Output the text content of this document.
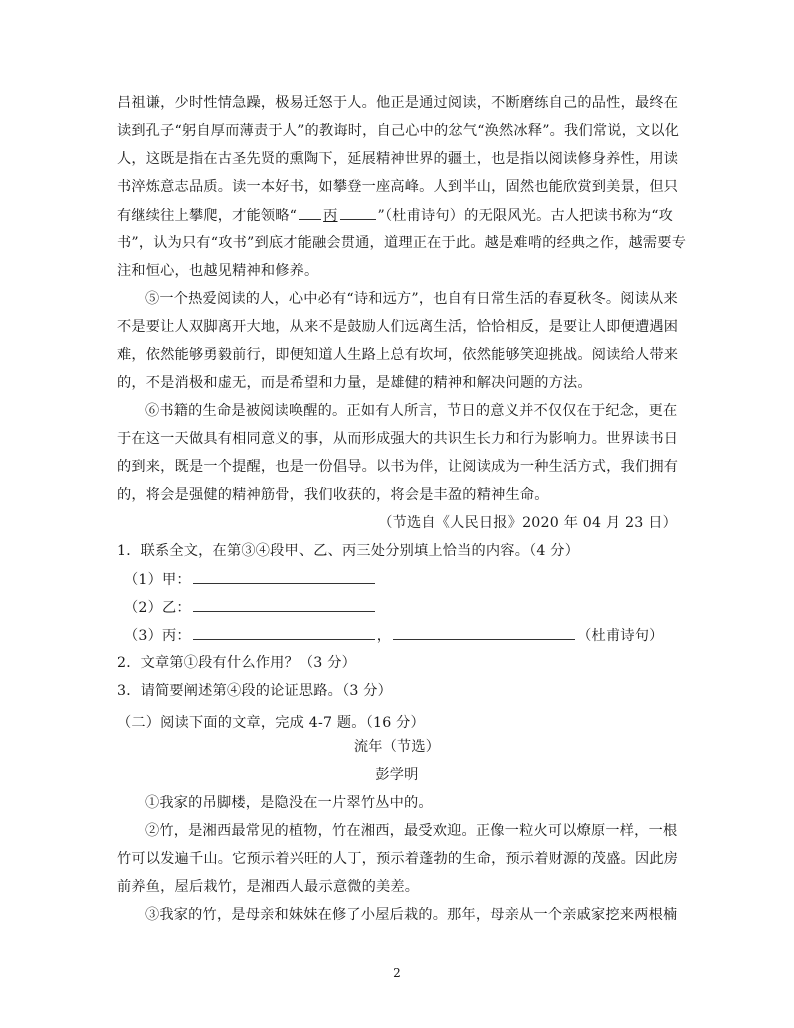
吕祖谦，少时性情急躁，极易迁怒于人。他正是通过阅读，不断磨练自己的品性，最终在
读到孔子“躬自厚而薄责于人”的教诲时，自己心中的忿气“涣然冰释”。我们常说，文以化
人，这既是指在古圣先贤的熏陶下，延展精神世界的疆土，也是指以阅读修身养性，用读
书淬炼意志品质。读一本好书，如攀登一座高峰。人到半山，固然也能欣赏到美景，但只
有继续往上攀爬，才能领略“ 丙	”（杜甫诗句）的无限风光。古人把读书称为“攻
书”，认为只有“攻书”到底才能融会贯通，道理正在于此。越是难啃的经典之作，越需要专
注和恒心，也越见精神和修养。
⑤一个热爱阅读的人，心中必有“诗和远方”，也自有日常生活的春夏秋冬。阅读从来
不是要让人双脚离开大地，从来不是鼓励人们远离生活，恰恰相反，是要让人即便遭遇困
难，依然能够勇毅前行，即便知道人生路上总有坎坷，依然能够笑迎挑战。阅读给人带来
的，不是消极和虚无，而是希望和力量，是雄健的精神和解决问题的方法。
⑥书籍的生命是被阅读唤醒的。正如有人所言，节日的意义并不仅仅在于纪念，更在
于在这一天做具有相同意义的事，从而形成强大的共识生长力和行为影响力。世界读书日
的到来，既是一个提醒，也是一份倡导。以书为伴，让阅读成为一种生活方式，我们拥有
的，将会是强健的精神筋骨，我们收获的，将会是丰盈的精神生命。
（节选自《人民日报》2020 年 04 月 23 日）
1．联系全文，在第③④段甲、乙、丙三处分别填上恰当的内容。（4 分）
（1）甲：
（2）乙：
（3）丙：	，	（杜甫诗句）
2．文章第①段有什么作用？（3 分）
3．请简要阐述第④段的论证思路。（3 分）
（二）阅读下面的文章，完成 4-7 题。（16 分）
流年（节选）
彭学明
①我家的吊脚楼，是隐没在一片翠竹丛中的。
②竹，是湘西最常见的植物，竹在湘西，最受欢迎。正像一粒火可以燎原一样，一根
竹可以发遍千山。它预示着兴旺的人丁，预示着蓬勃的生命，预示着财源的茂盛。因此房
前养鱼，屋后栽竹，是湘西人最示意微的美差。
③我家的竹，是母亲和妹妹在修了小屋后栽的。那年，母亲从一个亲戚家挖来两根楠
2
